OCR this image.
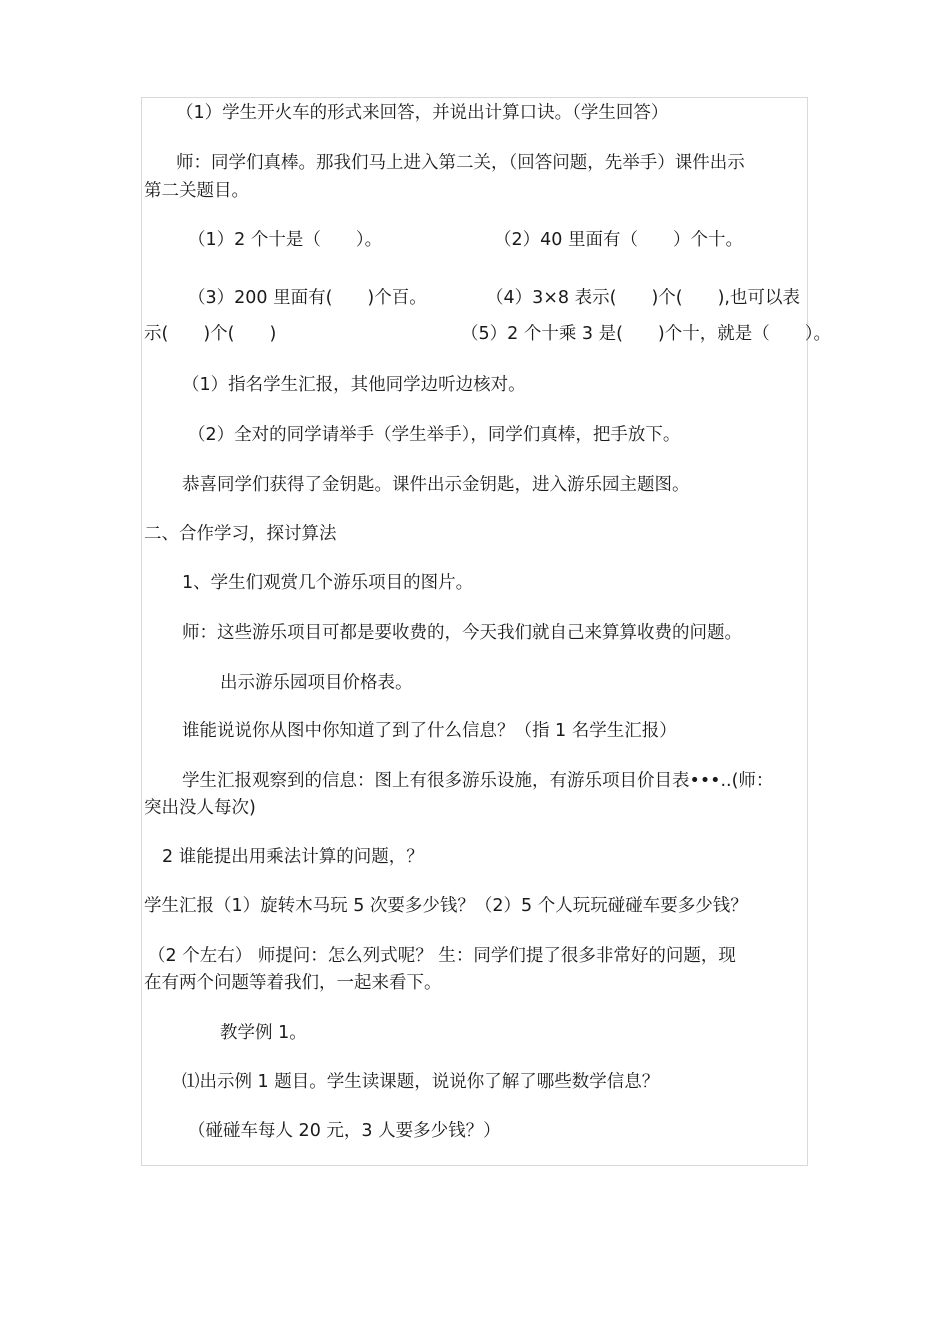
（1）学生开火车的形式来回答，并说出计算口诀。（学生回答）
师：同学们真棒。那我们马上进入第二关，（回答问题，先举手）课件出示
第二关题目。
（1）2 个十是（　　）。	（2）40 里面有（　　）个十。
（3）200 里面有(　　)个百。	（4）3×8 表示(　　)个(　　),也可以表
示(　　)个(　　)	（5）2 个十乘 3 是(　　)个十，就是（　　）。
（1）指名学生汇报，其他同学边听边核对。
（2）全对的同学请举手（学生举手），同学们真棒，把手放下。
恭喜同学们获得了金钥匙。课件出示金钥匙，进入游乐园主题图。
二、合作学习，探讨算法
1、学生们观赏几个游乐项目的图片。
师：这些游乐项目可都是要收费的，今天我们就自己来算算收费的问题。
出示游乐园项目价格表。
谁能说说你从图中你知道了到了什么信息？（指 1 名学生汇报）
学生汇报观察到的信息：图上有很多游乐设施，有游乐项目价目表•••..(师：
突出没人每次)
2 谁能提出用乘法计算的问题，？
学生汇报（1）旋转木马玩 5 次要多少钱？（2）5 个人玩玩碰碰车要多少钱？
（2 个左右） 师提问：怎么列式呢？ 生：同学们提了很多非常好的问题，现
在有两个问题等着我们，一起来看下。
教学例 1。
⑴出示例 1 题目。学生读课题，说说你了解了哪些数学信息？
（碰碰车每人 20 元，3 人要多少钱？）
